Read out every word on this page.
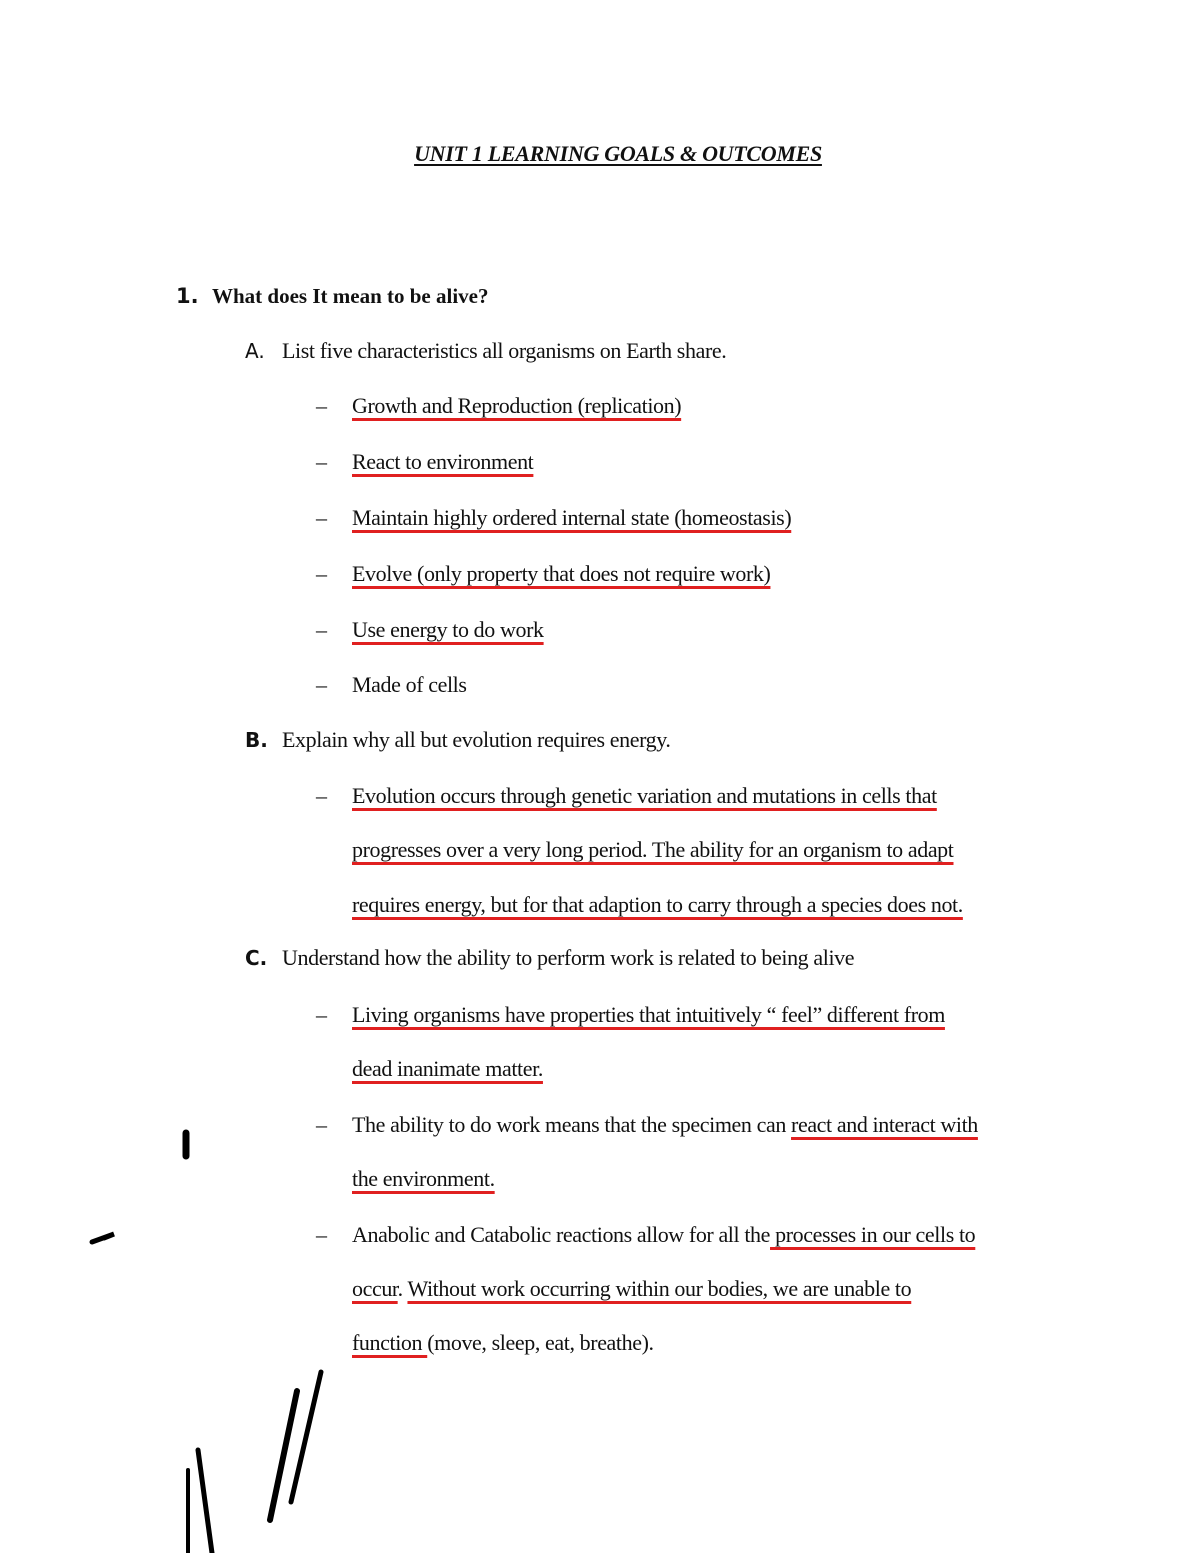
UNIT 1 LEARNING GOALS & OUTCOMES
1. What does It mean to be alive?
A. List five characteristics all organisms on Earth share.
– Growth and Reproduction (replication)
– React to environment
– Maintain highly ordered internal state (homeostasis)
– Evolve (only property that does not require work)
– Use energy to do work
– Made of cells
B. Explain why all but evolution requires energy.
– Evolution occurs through genetic variation and mutations in cells that
progresses over a very long period. The ability for an organism to adapt
requires energy, but for that adaption to carry through a species does not.
C. Understand how the ability to perform work is related to being alive
– Living organisms have properties that intuitively “ feel” different from
dead inanimate matter.
– The ability to do work means that the specimen can react and interact with
the environment.
– Anabolic and Catabolic reactions allow for all the processes in our cells to
occur. Without work occurring within our bodies, we are unable to
function (move, sleep, eat, breathe).
